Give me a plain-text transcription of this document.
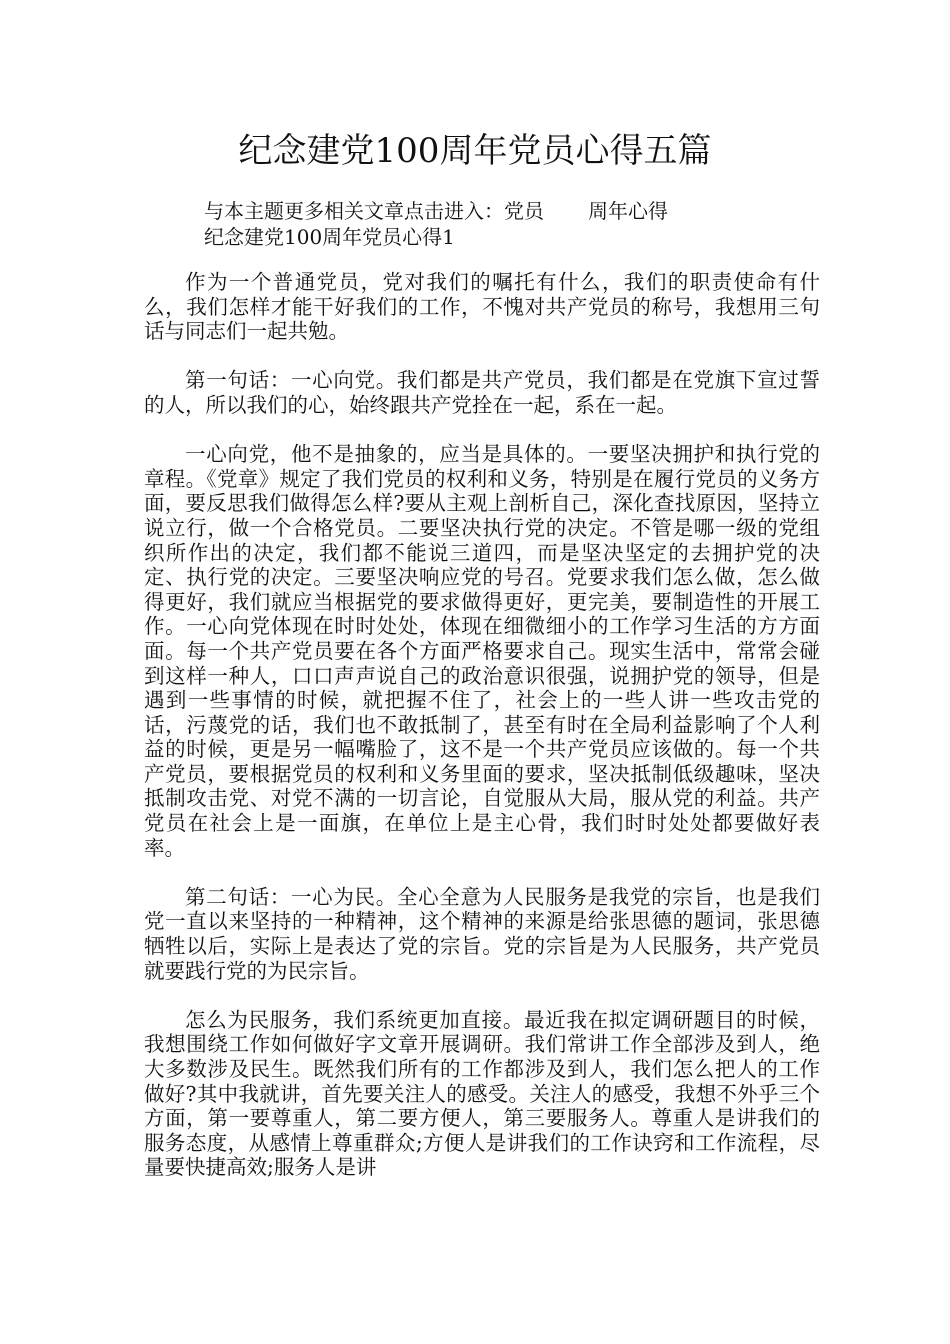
纪念建党100周年党员心得五篇
与本主题更多相关文章点击进入：党员 周年心得
纪念建党100周年党员心得1

作为一个普通党员，党对我们的嘱托有什么，我们的职责使命有什么，我们怎样才能干好我们的工作，不愧对共产党员的称号，我想用三句话与同志们一起共勉。

第一句话：一心向党。我们都是共产党员，我们都是在党旗下宣过誓的人，所以我们的心，始终跟共产党拴在一起，系在一起。

一心向党，他不是抽象的，应当是具体的。一要坚决拥护和执行党的章程。《党章》规定了我们党员的权利和义务，特别是在履行党员的义务方面，要反思我们做得怎么样?要从主观上剖析自己，深化查找原因，坚持立说立行，做一个合格党员。二要坚决执行党的决定。不管是哪一级的党组织所作出的决定，我们都不能说三道四，而是坚决坚定的去拥护党的决定、执行党的决定。三要坚决响应党的号召。党要求我们怎么做，怎么做得更好，我们就应当根据党的要求做得更好，更完美，要制造性的开展工作。一心向党体现在时时处处，体现在细微细小的工作学习生活的方方面面。每一个共产党员要在各个方面严格要求自己。现实生活中，常常会碰到这样一种人，口口声声说自己的政治意识很强，说拥护党的领导，但是遇到一些事情的时候，就把握不住了，社会上的一些人讲一些攻击党的话，污蔑党的话，我们也不敢抵制了，甚至有时在全局利益影响了个人利益的时候，更是另一幅嘴脸了，这不是一个共产党员应该做的。每一个共产党员，要根据党员的权利和义务里面的要求，坚决抵制低级趣味，坚决抵制攻击党、对党不满的一切言论，自觉服从大局，服从党的利益。共产党员在社会上是一面旗，在单位上是主心骨，我们时时处处都要做好表率。

第二句话：一心为民。全心全意为人民服务是我党的宗旨，也是我们党一直以来坚持的一种精神，这个精神的来源是给张思德的题词，张思德牺牲以后，实际上是表达了党的宗旨。党的宗旨是为人民服务，共产党员就要践行党的为民宗旨。

怎么为民服务，我们系统更加直接。最近我在拟定调研题目的时候，我想围绕工作如何做好字文章开展调研。我们常讲工作全部涉及到人，绝大多数涉及民生。既然我们所有的工作都涉及到人，我们怎么把人的工作做好?其中我就讲，首先要关注人的感受。关注人的感受，我想不外乎三个方面，第一要尊重人，第二要方便人，第三要服务人。尊重人是讲我们的服务态度，从感情上尊重群众;方便人是讲我们的工作诀窍和工作流程，尽量要快捷高效;服务人是讲
